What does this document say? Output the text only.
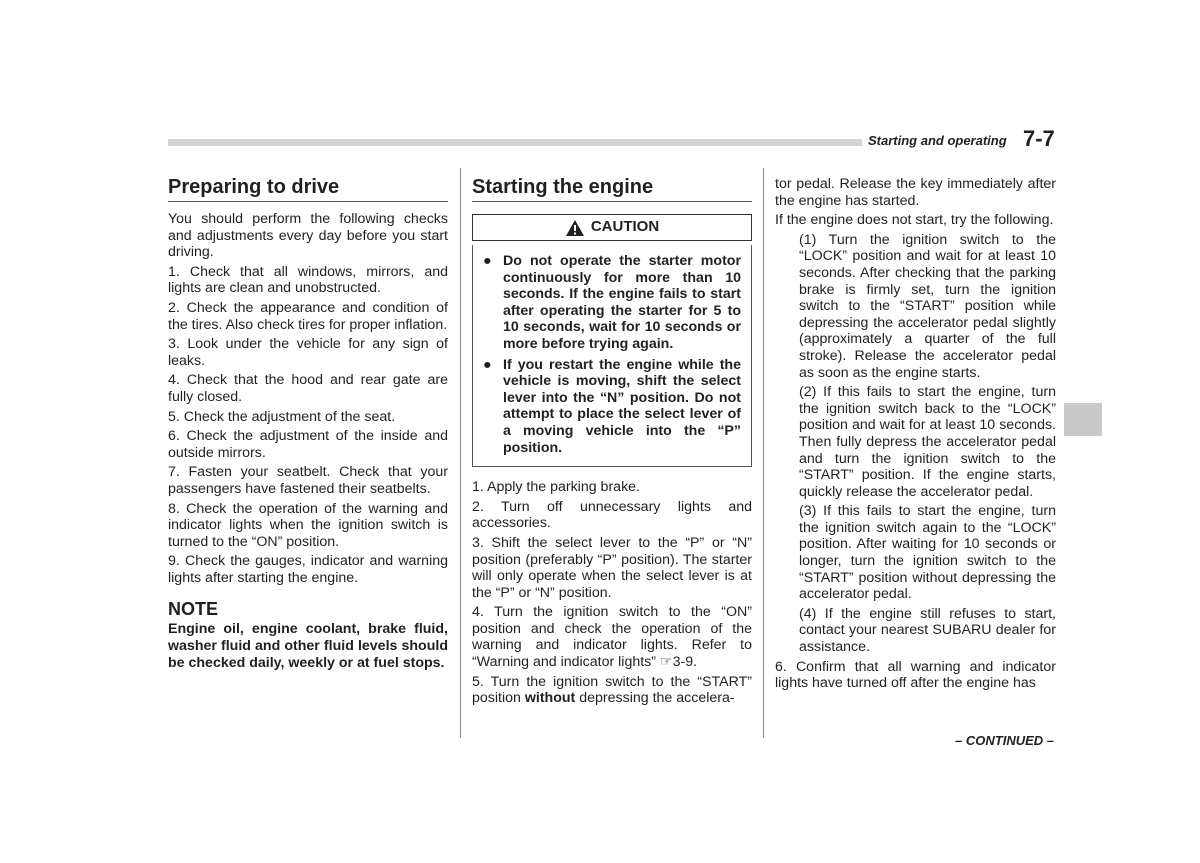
Starting and operating 7-7
Preparing to drive

You should perform the following checks and adjustments every day before you start driving.

1. Check that all windows, mirrors, and lights are clean and unobstructed.

2. Check the appearance and condition of the tires. Also check tires for proper inflation.

3. Look under the vehicle for any sign of leaks.

4. Check that the hood and rear gate are fully closed.

5. Check the adjustment of the seat.

6. Check the adjustment of the inside and outside mirrors.

7. Fasten your seatbelt. Check that your passengers have fastened their seatbelts.

8. Check the operation of the warning and indicator lights when the ignition switch is turned to the “ON” position.

9. Check the gauges, indicator and warning lights after starting the engine.

NOTE

Engine oil, engine coolant, brake fluid, washer fluid and other fluid levels should be checked daily, weekly or at fuel stops.

Starting the engine
CAUTION
● Do not operate the starter motor continuously for more than 10 seconds. If the engine fails to start after operating the starter for 5 to 10 seconds, wait for 10 seconds or more before trying again.
● If you restart the engine while the vehicle is moving, shift the select lever into the “N” position. Do not attempt to place the select lever of a moving vehicle into the “P” position.

1. Apply the parking brake.

2. Turn off unnecessary lights and accessories.

3. Shift the select lever to the “P” or “N” position (preferably “P” position). The starter will only operate when the select lever is at the “P” or “N” position.

4. Turn the ignition switch to the “ON” position and check the operation of the warning and indicator lights. Refer to “Warning and indicator lights” ☞3-9.

5. Turn the ignition switch to the “START” position without depressing the accelera-

tor pedal. Release the key immediately after the engine has started.

If the engine does not start, try the following.

(1) Turn the ignition switch to the “LOCK” position and wait for at least 10 seconds. After checking that the parking brake is firmly set, turn the ignition switch to the “START” position while depressing the accelerator pedal slightly (approximately a quarter of the full stroke). Release the accelerator pedal as soon as the engine starts.

(2) If this fails to start the engine, turn the ignition switch back to the “LOCK” position and wait for at least 10 seconds. Then fully depress the accelerator pedal and turn the ignition switch to the “START” position. If the engine starts, quickly release the accelerator pedal.

(3) If this fails to start the engine, turn the ignition switch again to the “LOCK” position. After waiting for 10 seconds or longer, turn the ignition switch to the “START” position without depressing the accelerator pedal.

(4) If the engine still refuses to start, contact your nearest SUBARU dealer for assistance.

6. Confirm that all warning and indicator lights have turned off after the engine has

– CONTINUED –
